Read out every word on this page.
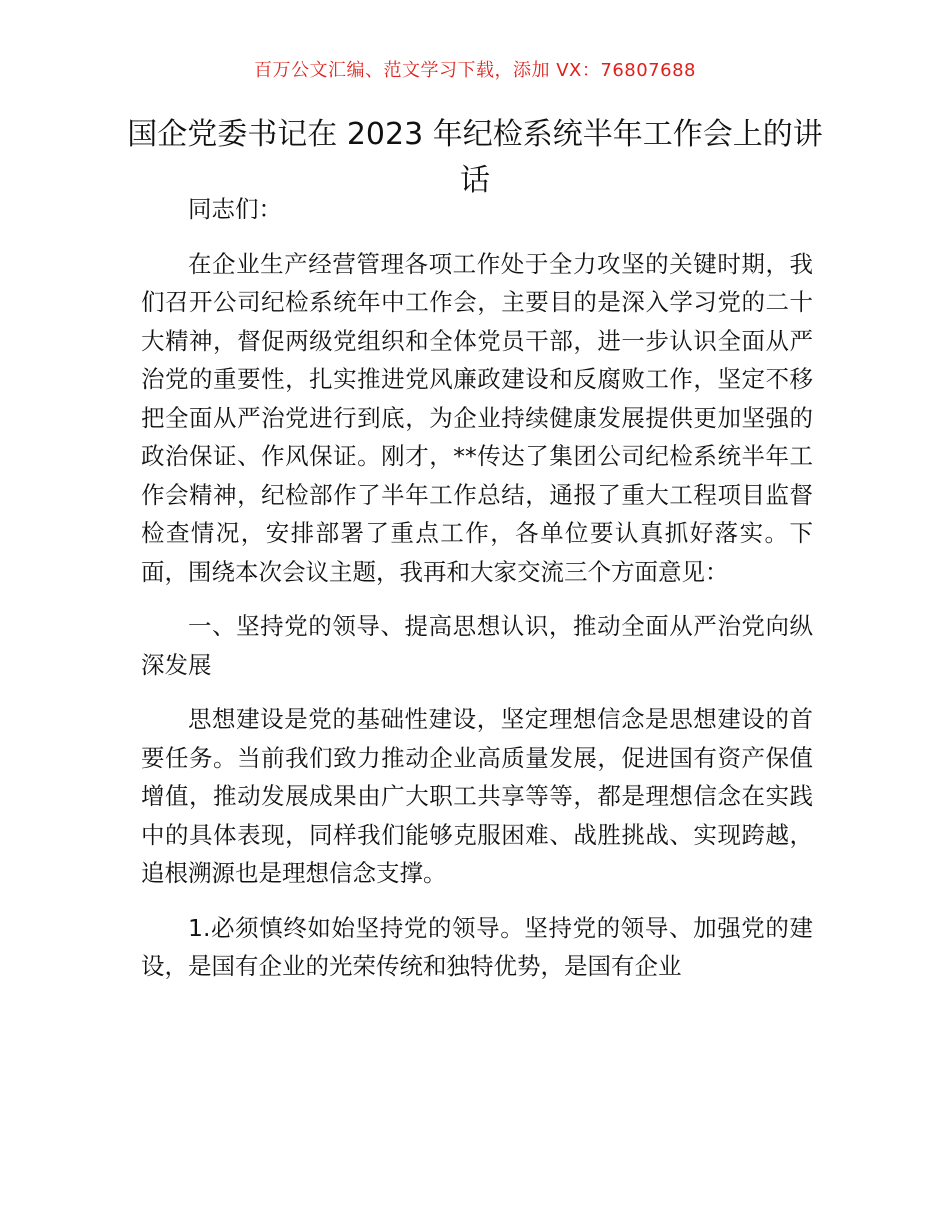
百万公文汇编、范文学习下载，添加 VX：76807688
国企党委书记在 2023 年纪检系统半年工作会上的讲话

同志们：

在企业生产经营管理各项工作处于全力攻坚的关键时期，我们召开公司纪检系统年中工作会，主要目的是深入学习党的二十大精神，督促两级党组织和全体党员干部，进一步认识全面从严治党的重要性，扎实推进党风廉政建设和反腐败工作，坚定不移把全面从严治党进行到底，为企业持续健康发展提供更加坚强的政治保证、作风保证。刚才，**传达了集团公司纪检系统半年工作会精神，纪检部作了半年工作总结，通报了重大工程项目监督检查情况，安排部署了重点工作，各单位要认真抓好落实。下面，围绕本次会议主题，我再和大家交流三个方面意见：

一、坚持党的领导、提高思想认识，推动全面从严治党向纵深发展

思想建设是党的基础性建设，坚定理想信念是思想建设的首要任务。当前我们致力推动企业高质量发展，促进国有资产保值增值，推动发展成果由广大职工共享等等，都是理想信念在实践中的具体表现，同样我们能够克服困难、战胜挑战、实现跨越，追根溯源也是理想信念支撑。

1.必须慎终如始坚持党的领导。坚持党的领导、加强党的建设，是国有企业的光荣传统和独特优势，是国有企业
